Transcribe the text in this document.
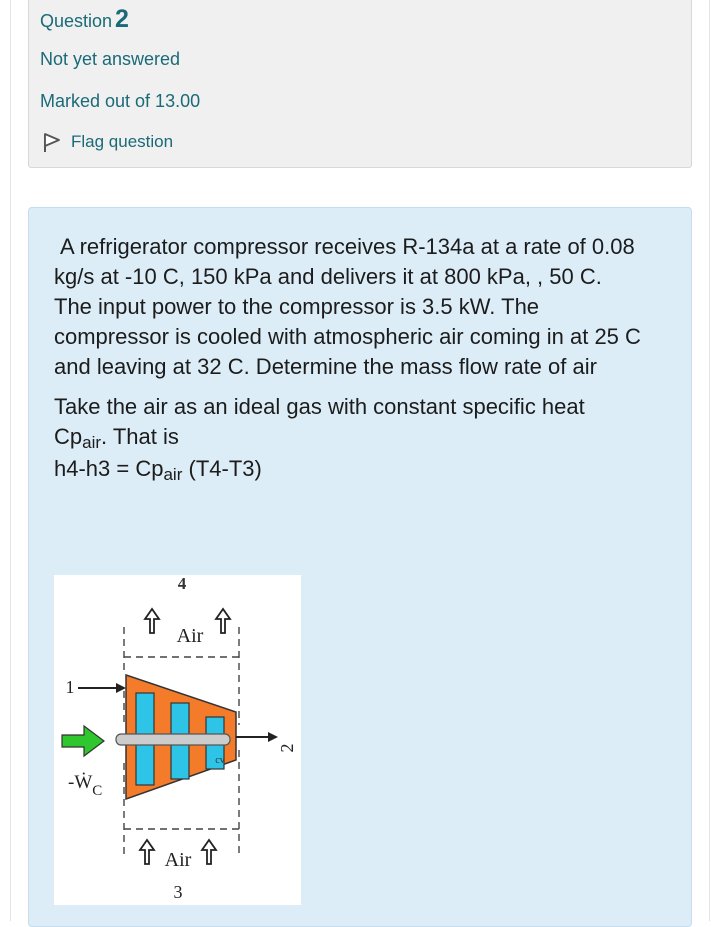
Question 2
Not yet answered
Marked out of 13.00
Flag question

A refrigerator compressor receives R-134a at a rate of 0.08 kg/s at -10 C, 150 kPa and delivers it at 800 kPa, , 50 C. The input power to the compressor is 3.5 kW. The compressor is cooled with atmospheric air coming in at 25 C and leaving at 32 C. Determine the mass flow rate of air

Take the air as an ideal gas with constant specific heat
$Cp_{air}$. That is

$h4-h3 = Cp_{air}$ (T4-T3)

4
Air
cv
1
2
-Ẇ$_C$
Air
3
